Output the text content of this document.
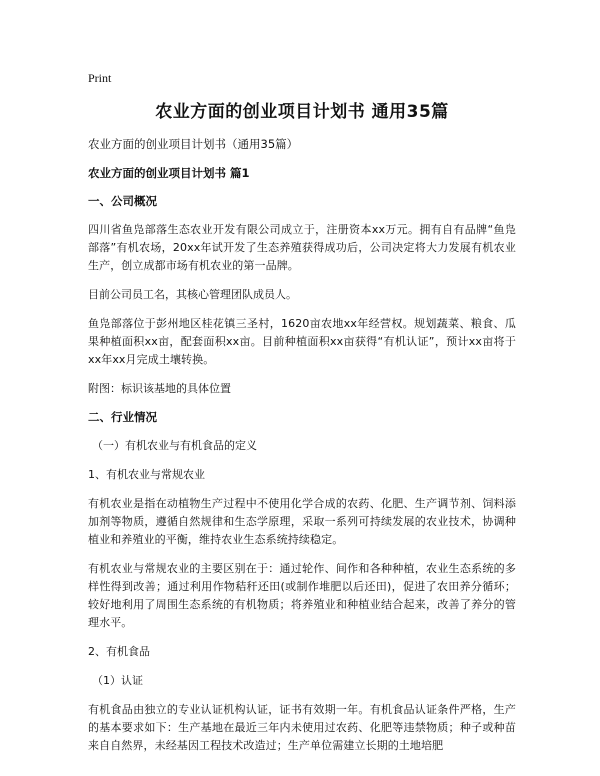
Print
农业方面的创业项目计划书 通用35篇
农业方面的创业项目计划书（通用35篇）
农业方面的创业项目计划书 篇1
一、公司概况
四川省鱼凫部落生态农业开发有限公司成立于，注册资本xx万元。拥有自有品牌“鱼凫部落”有机农场，20xx年试开发了生态养殖获得成功后，公司决定将大力发展有机农业生产，创立成都市场有机农业的第一品牌。
目前公司员工名，其核心管理团队成员人。
鱼凫部落位于彭州地区桂花镇三圣村，1620亩农地xx年经营权。规划蔬菜、粮食、瓜果种植面积xx亩，配套面积xx亩。目前种植面积xx亩获得“有机认证”，预计xx亩将于xx年xx月完成土壤转换。
附图：标识该基地的具体位置
二、行业情况
（一）有机农业与有机食品的定义
1、有机农业与常规农业
有机农业是指在动植物生产过程中不使用化学合成的农药、化肥、生产调节剂、饲料添加剂等物质，遵循自然规律和生态学原理，采取一系列可持续发展的农业技术，协调种植业和养殖业的平衡，维持农业生态系统持续稳定。
有机农业与常规农业的主要区别在于：通过轮作、间作和各种种植，农业生态系统的多样性得到改善；通过利用作物秸秆还田(或制作堆肥以后还田)，促进了农田养分循环；较好地利用了周围生态系统的有机物质；将养殖业和种植业结合起来，改善了养分的管理水平。
2、有机食品
（1）认证
有机食品由独立的专业认证机构认证，证书有效期一年。有机食品认证条件严格，生产的基本要求如下：生产基地在最近三年内未使用过农药、化肥等违禁物质；种子或种苗来自自然界，未经基因工程技术改造过；生产单位需建立长期的土地培肥
